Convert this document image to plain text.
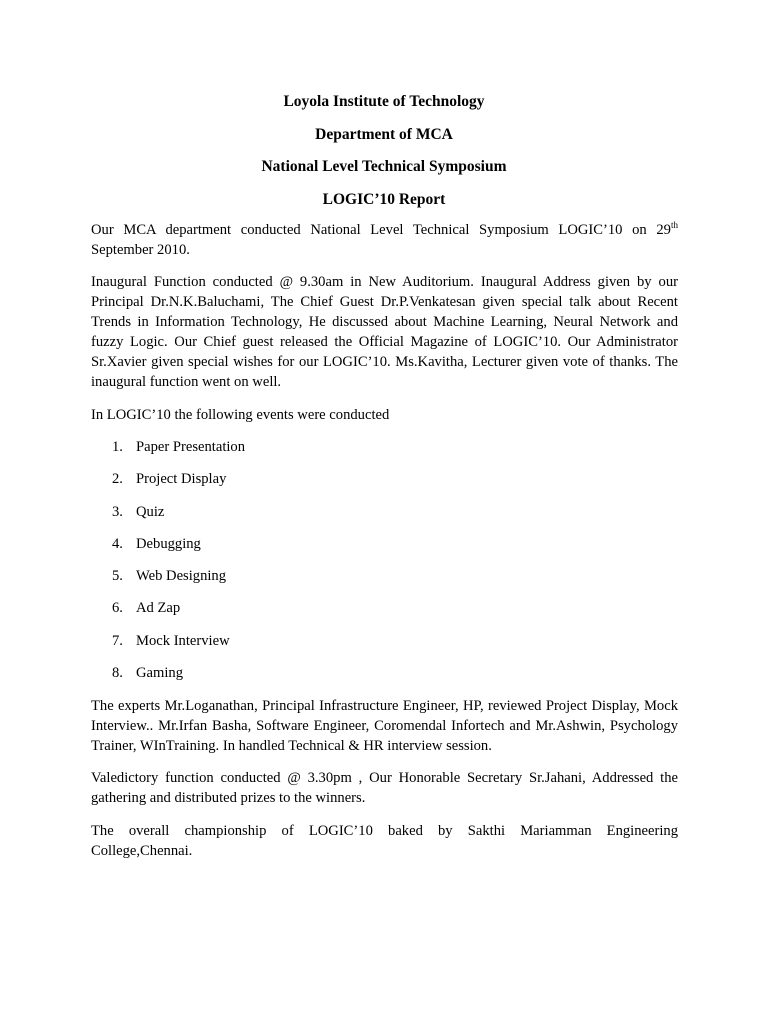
Loyola Institute of Technology

Department of MCA

National Level Technical Symposium

LOGIC’10 Report

Our MCA department conducted National Level Technical Symposium LOGIC’10 on 29th September 2010.

Inaugural Function conducted @ 9.30am in New Auditorium. Inaugural Address given by our Principal Dr.N.K.Baluchami, The Chief Guest Dr.P.Venkatesan given special talk about Recent Trends in Information Technology, He discussed about Machine Learning, Neural Network and fuzzy Logic. Our Chief guest released the Official Magazine of LOGIC’10. Our Administrator Sr.Xavier given special wishes for our LOGIC’10. Ms.Kavitha, Lecturer given vote of thanks. The inaugural function went on well.

In LOGIC’10 the following events were conducted

1. Paper Presentation
2. Project Display
3. Quiz
4. Debugging
5. Web Designing
6. Ad Zap
7. Mock Interview
8. Gaming

The experts Mr.Loganathan, Principal Infrastructure Engineer, HP, reviewed Project Display, Mock Interview.. Mr.Irfan Basha, Software Engineer, Coromendal Infortech and Mr.Ashwin, Psychology Trainer, WInTraining. In handled Technical & HR interview session.

Valedictory function conducted @ 3.30pm , Our Honorable Secretary Sr.Jahani, Addressed the gathering and distributed prizes to the winners.

The overall championship of LOGIC’10 baked by Sakthi Mariamman Engineering College,Chennai.
